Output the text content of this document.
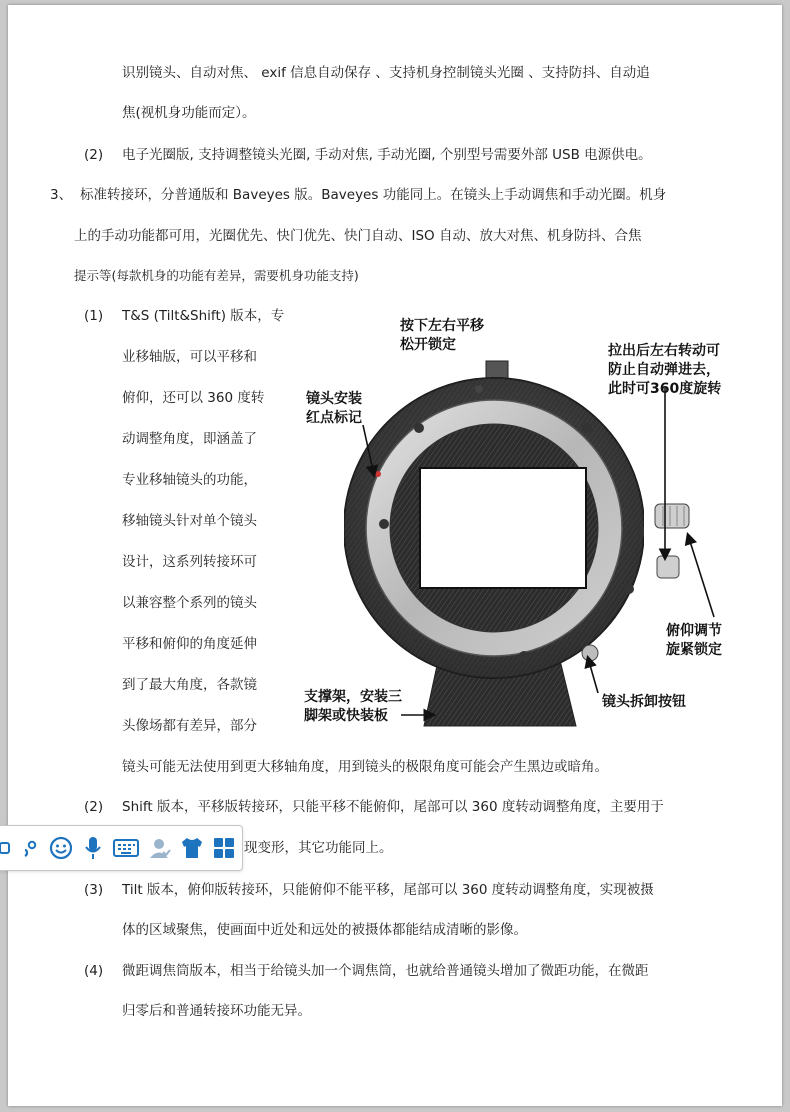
识别镜头、自动对焦、 exif 信息自动保存 、支持机身控制镜头光圈 、支持防抖、自动追
焦(视机身功能而定）。
(2) 电子光圈版, 支持调整镜头光圈, 手动对焦, 手动光圈, 个别型号需要外部 USB 电源供电。
3、 标准转接环，分普通版和 Baveyes 版。Baveyes 功能同上。在镜头上手动调焦和手动光圈。机身
上的手动功能都可用，光圈优先、快门优先、快门自动、ISO 自动、放大对焦、机身防抖、合焦
提示等(每款机身的功能有差异，需要机身功能支持)
(1) T&S (Tilt&Shift) 版本，专
业移轴版，可以平移和
俯仰，还可以 360 度转
动调整角度，即涵盖了
专业移轴镜头的功能，
移轴镜头针对单个镜头
设计，这系列转接环可
以兼容整个系列的镜头
平移和俯仰的角度延伸
到了最大角度，各款镜
头像场都有差异，部分
镜头可能无法使用到更大移轴角度，用到镜头的极限角度可能会产生黑边或暗角。
(2) Shift 版本，平移版转接环，只能平移不能俯仰，尾部可以 360 度转动调整角度，主要用于
现变形，其它功能同上。
(3) Tilt 版本，俯仰版转接环，只能俯仰不能平移，尾部可以 360 度转动调整角度，实现被摄
体的区域聚焦，使画面中近处和远处的被摄体都能结成清晰的影像。
(4) 微距调焦筒版本，相当于给镜头加一个调焦筒，也就给普通镜头增加了微距功能，在微距
归零后和普通转接环功能无异。
按下左右平移
松开锁定
镜头安装
红点标记
拉出后左右转动可
防止自动弹进去，
此时可360度旋转
俯仰调节
旋紧锁定
支撑架，安装三
脚架或快装板
镜头拆卸按钮
